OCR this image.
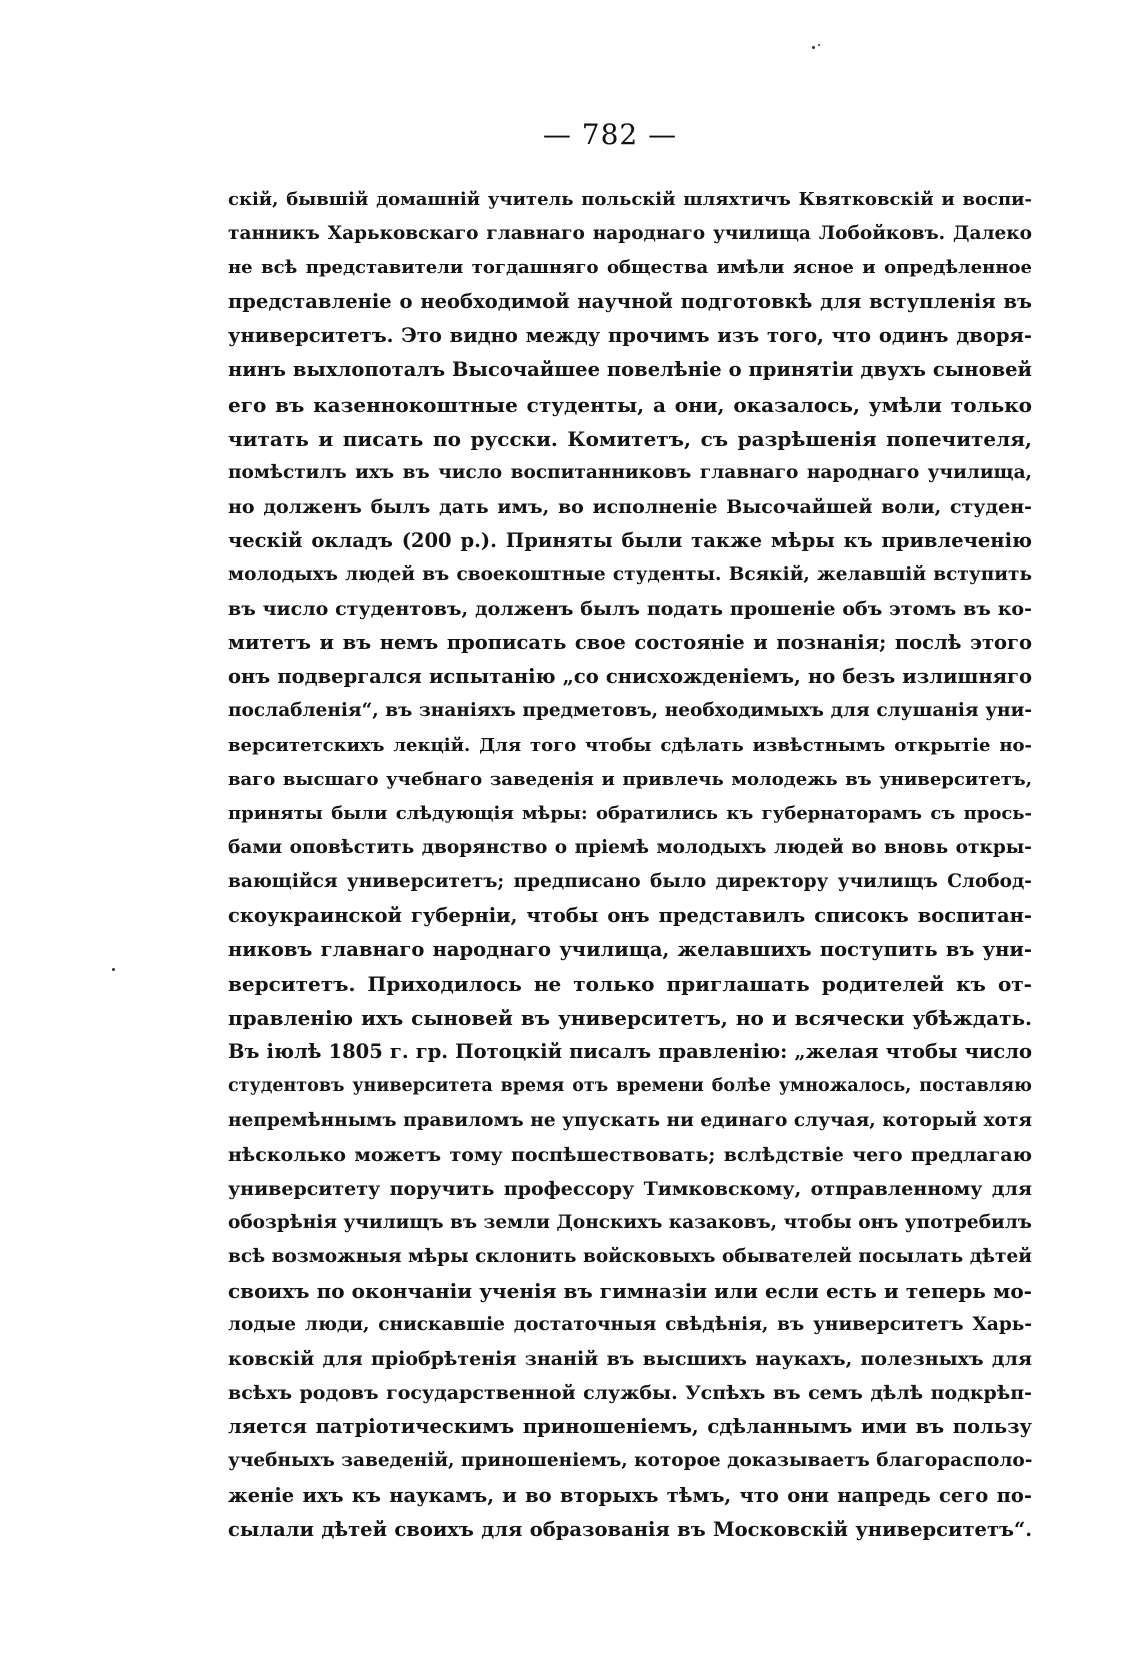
— 782 —
скій, бывшій домашній учитель польскій шляхтичъ Квятковскій и воспи-
танникъ Харьковскаго главнаго народнаго училища Лобойковъ. Далеко
не всѣ представители тогдашняго общества имѣли ясное и опредѣленное
представленіе о необходимой научной подготовкѣ для вступленія въ
университетъ. Это видно между прочимъ изъ того, что одинъ дворя-
нинъ выхлопоталъ Высочайшее повелѣніе о принятіи двухъ сыновей
его въ казеннокоштные студенты, а они, оказалось, умѣли только
читать и писать по русски. Комитетъ, съ разрѣшенія попечителя,
помѣстилъ ихъ въ число воспитанниковъ главнаго народнаго училища,
но долженъ былъ дать имъ, во исполненіе Высочайшей воли, студен-
ческій окладъ (200 р.). Приняты были также мѣры къ привлеченію
молодыхъ людей въ своекоштные студенты. Всякій, желавшій вступить
въ число студентовъ, долженъ былъ подать прошеніе объ этомъ въ ко-
митетъ и въ немъ прописать свое состояніе и познанія; послѣ этого
онъ подвергался испытанію „со снисхожденіемъ, но безъ излишняго
послабленія“, въ знаніяхъ предметовъ, необходимыхъ для слушанія уни-
верситетскихъ лекцій. Для того чтобы сдѣлать извѣстнымъ открытіе но-
ваго высшаго учебнаго заведенія и привлечь молодежь въ университетъ,
приняты были слѣдующія мѣры: обратились къ губернаторамъ съ прось-
бами оповѣстить дворянство о пріемѣ молодыхъ людей во вновь откры-
вающійся университетъ; предписано было директору училищъ Слобод-
скоукраинской губерніи, чтобы онъ представилъ списокъ воспитан-
никовъ главнаго народнаго училища, желавшихъ поступить въ уни-
верситетъ. Приходилось не только приглашать родителей къ от-
правленію ихъ сыновей въ университетъ, но и всячески убѣждать.
Въ іюлѣ 1805 г. гр. Потоцкій писалъ правленію: „желая чтобы число
студентовъ университета время отъ времени болѣе умножалось, поставляю
непремѣннымъ правиломъ не упускать ни единаго случая, который хотя
нѣсколько можетъ тому поспѣшествовать; вслѣдствіе чего предлагаю
университету поручить профессору Тимковскому, отправленному для
обозрѣнія училищъ въ земли Донскихъ казаковъ, чтобы онъ употребилъ
всѣ возможныя мѣры склонить войсковыхъ обывателей посылать дѣтей
своихъ по окончаніи ученія въ гимназіи или если есть и теперь мо-
лодые люди, снискавшіе достаточныя свѣдѣнія, въ университетъ Харь-
ковскій для пріобрѣтенія знаній въ высшихъ наукахъ, полезныхъ для
всѣхъ родовъ государственной службы. Успѣхъ въ семъ дѣлѣ подкрѣп-
ляется патріотическимъ приношеніемъ, сдѣланнымъ ими въ пользу
учебныхъ заведеній, приношеніемъ, которое доказываетъ благорасполо-
женіе ихъ къ наукамъ, и во вторыхъ тѣмъ, что они напредь сего по-
сылали дѣтей своихъ для образованія въ Московскій университетъ“.
